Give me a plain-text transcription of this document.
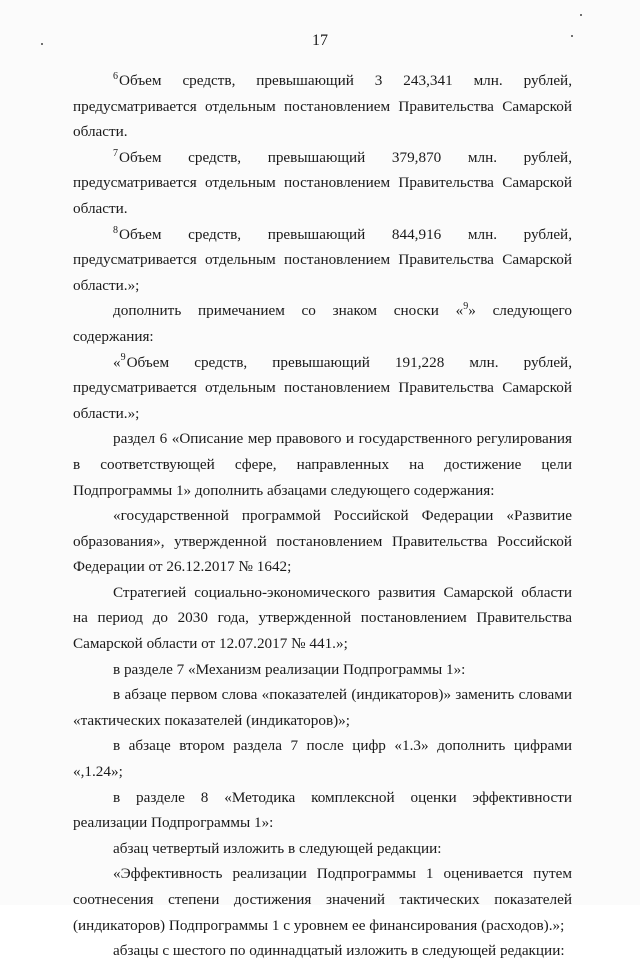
17

$^6$Объем средств, превышающий 3 243,341 млн. рублей, предусматривается отдельным постановлением Правительства Самарской области.

$^7$Объем средств, превышающий 379,870 млн. рублей, предусматривается отдельным постановлением Правительства Самарской области.

$^8$Объем средств, превышающий 844,916 млн. рублей, предусматривается отдельным постановлением Правительства Самарской области.»;

дополнить примечанием со знаком сноски «$^9$» следующего содержания:

«$^9$Объем средств, превышающий 191,228 млн. рублей, предусматривается отдельным постановлением Правительства Самарской области.»;

раздел 6 «Описание мер правового и государственного регулирования в соответствующей сфере, направленных на достижение цели Подпрограммы 1» дополнить абзацами следующего содержания:

«государственной программой Российской Федерации «Развитие образования», утвержденной постановлением Правительства Российской Федерации от 26.12.2017 № 1642;

Стратегией социально-экономического развития Самарской области на период до 2030 года, утвержденной постановлением Правительства Самарской области от 12.07.2017 № 441.»;

в разделе 7 «Механизм реализации Подпрограммы 1»:

в абзаце первом слова «показателей (индикаторов)» заменить словами «тактических показателей (индикаторов)»;

в абзаце втором раздела 7 после цифр «1.3» дополнить цифрами «,1.24»;

в разделе 8 «Методика комплексной оценки эффективности реализации Подпрограммы 1»:

абзац четвертый изложить в следующей редакции:

«Эффективность реализации Подпрограммы 1 оценивается путем соотнесения степени достижения значений тактических показателей (индикаторов) Подпрограммы 1 с уровнем ее финансирования (расходов).»;

абзацы с шестого по одиннадцатый изложить в следующей редакции:
